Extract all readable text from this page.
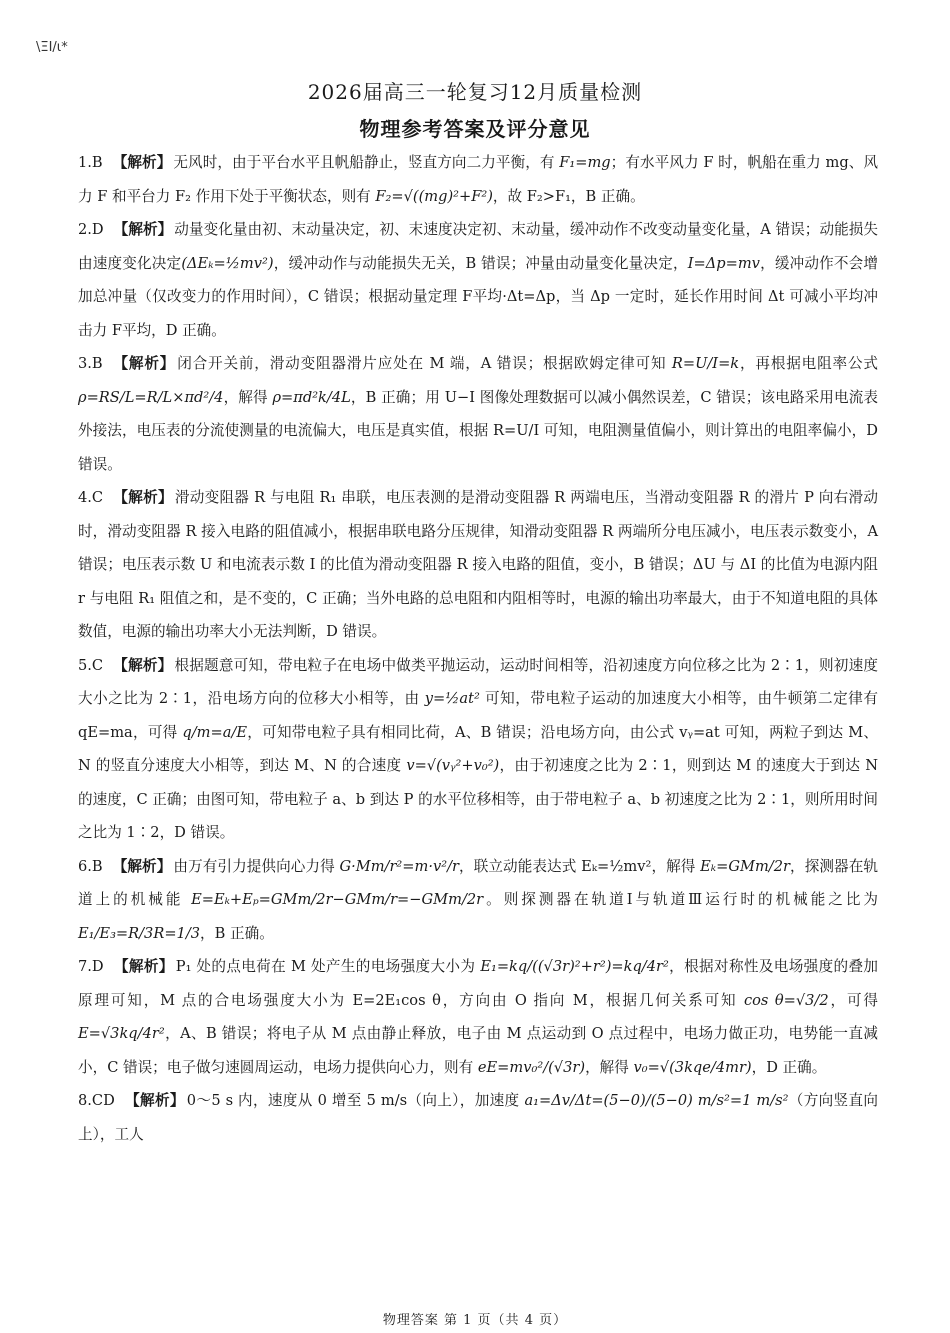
\ΞΙ/ι*
2026届高三一轮复习12月质量检测
物理参考答案及评分意见

1.B 【解析】 无风时，由于平台水平且帆船静止，竖直方向二力平衡，有 F₁=mg；有水平风力 F 时，帆船在重力 mg、风力 F 和平台力 F₂ 作用下处于平衡状态，则有 F₂=√((mg)²+F²)，故 F₂>F₁，B 正确。

2.D 【解析】 动量变化量由初、末动量决定，初、末速度决定初、末动量，缓冲动作不改变动量变化量，A 错误；动能损失由速度变化决定(ΔEₖ=½mv²)，缓冲动作与动能损失无关，B 错误；冲量由动量变化量决定，I=Δp=mv，缓冲动作不会增加总冲量（仅改变力的作用时间），C 错误；根据动量定理 F平均·Δt=Δp，当 Δp 一定时，延长作用时间 Δt 可减小平均冲击力 F平均，D 正确。

3.B 【解析】 闭合开关前，滑动变阻器滑片应处在 M 端，A 错误；根据欧姆定律可知 R=U/I=k，再根据电阻率公式 ρ=RS/L=R/L×πd²/4，解得 ρ=πd²k/4L，B 正确；用 U−I 图像处理数据可以减小偶然误差，C 错误；该电路采用电流表外接法，电压表的分流使测量的电流偏大，电压是真实值，根据 R=U/I 可知，电阻测量值偏小，则计算出的电阻率偏小，D 错误。

4.C 【解析】 滑动变阻器 R 与电阻 R₁ 串联，电压表测的是滑动变阻器 R 两端电压，当滑动变阻器 R 的滑片 P 向右滑动时，滑动变阻器 R 接入电路的阻值减小，根据串联电路分压规律，知滑动变阻器 R 两端所分电压减小，电压表示数变小，A 错误；电压表示数 U 和电流表示数 I 的比值为滑动变阻器 R 接入电路的阻值，变小，B 错误；ΔU 与 ΔI 的比值为电源内阻 r 与电阻 R₁ 阻值之和，是不变的，C 正确；当外电路的总电阻和内阻相等时，电源的输出功率最大，由于不知道电阻的具体数值，电源的输出功率大小无法判断，D 错误。

5.C 【解析】 根据题意可知，带电粒子在电场中做类平抛运动，运动时间相等，沿初速度方向位移之比为 2∶1，则初速度大小之比为 2∶1，沿电场方向的位移大小相等，由 y=½at² 可知，带电粒子运动的加速度大小相等，由牛顿第二定律有 qE=ma，可得 q/m=a/E，可知带电粒子具有相同比荷，A、B 错误；沿电场方向，由公式 vᵧ=at 可知，两粒子到达 M、N 的竖直分速度大小相等，到达 M、N 的合速度 v=√(vᵧ²+v₀²)，由于初速度之比为 2∶1，则到达 M 的速度大于到达 N 的速度，C 正确；由图可知，带电粒子 a、b 到达 P 的水平位移相等，由于带电粒子 a、b 初速度之比为 2∶1，则所用时间之比为 1∶2，D 错误。

6.B 【解析】 由万有引力提供向心力得 G·Mm/r²=m·v²/r，联立动能表达式 Eₖ=½mv²，解得 Eₖ=GMm/2r，探测器在轨道上的机械能 E=Eₖ+Eₚ=GMm/2r−GMm/r=−GMm/2r。则探测器在轨道Ⅰ与轨道Ⅲ运行时的机械能之比为 E₁/E₃=R/3R=1/3，B 正确。

7.D 【解析】 P₁ 处的点电荷在 M 处产生的电场强度大小为 E₁=kq/((√3r)²+r²)=kq/4r²，根据对称性及电场强度的叠加原理可知，M 点的合电场强度大小为 E=2E₁cos θ，方向由 O 指向 M，根据几何关系可知 cos θ=√3/2，可得 E=√3kq/4r²，A、B 错误；将电子从 M 点由静止释放，电子由 M 点运动到 O 点过程中，电场力做正功，电势能一直减小，C 错误；电子做匀速圆周运动，电场力提供向心力，则有 eE=mv₀²/(√3r)，解得 v₀=√(3kqe/4mr)，D 正确。

8.CD 【解析】 0～5 s 内，速度从 0 增至 5 m/s（向上），加速度 a₁=Δv/Δt=(5−0)/(5−0) m/s²=1 m/s²（方向竖直向上），工人

物理答案 第 1 页（共 4 页）
